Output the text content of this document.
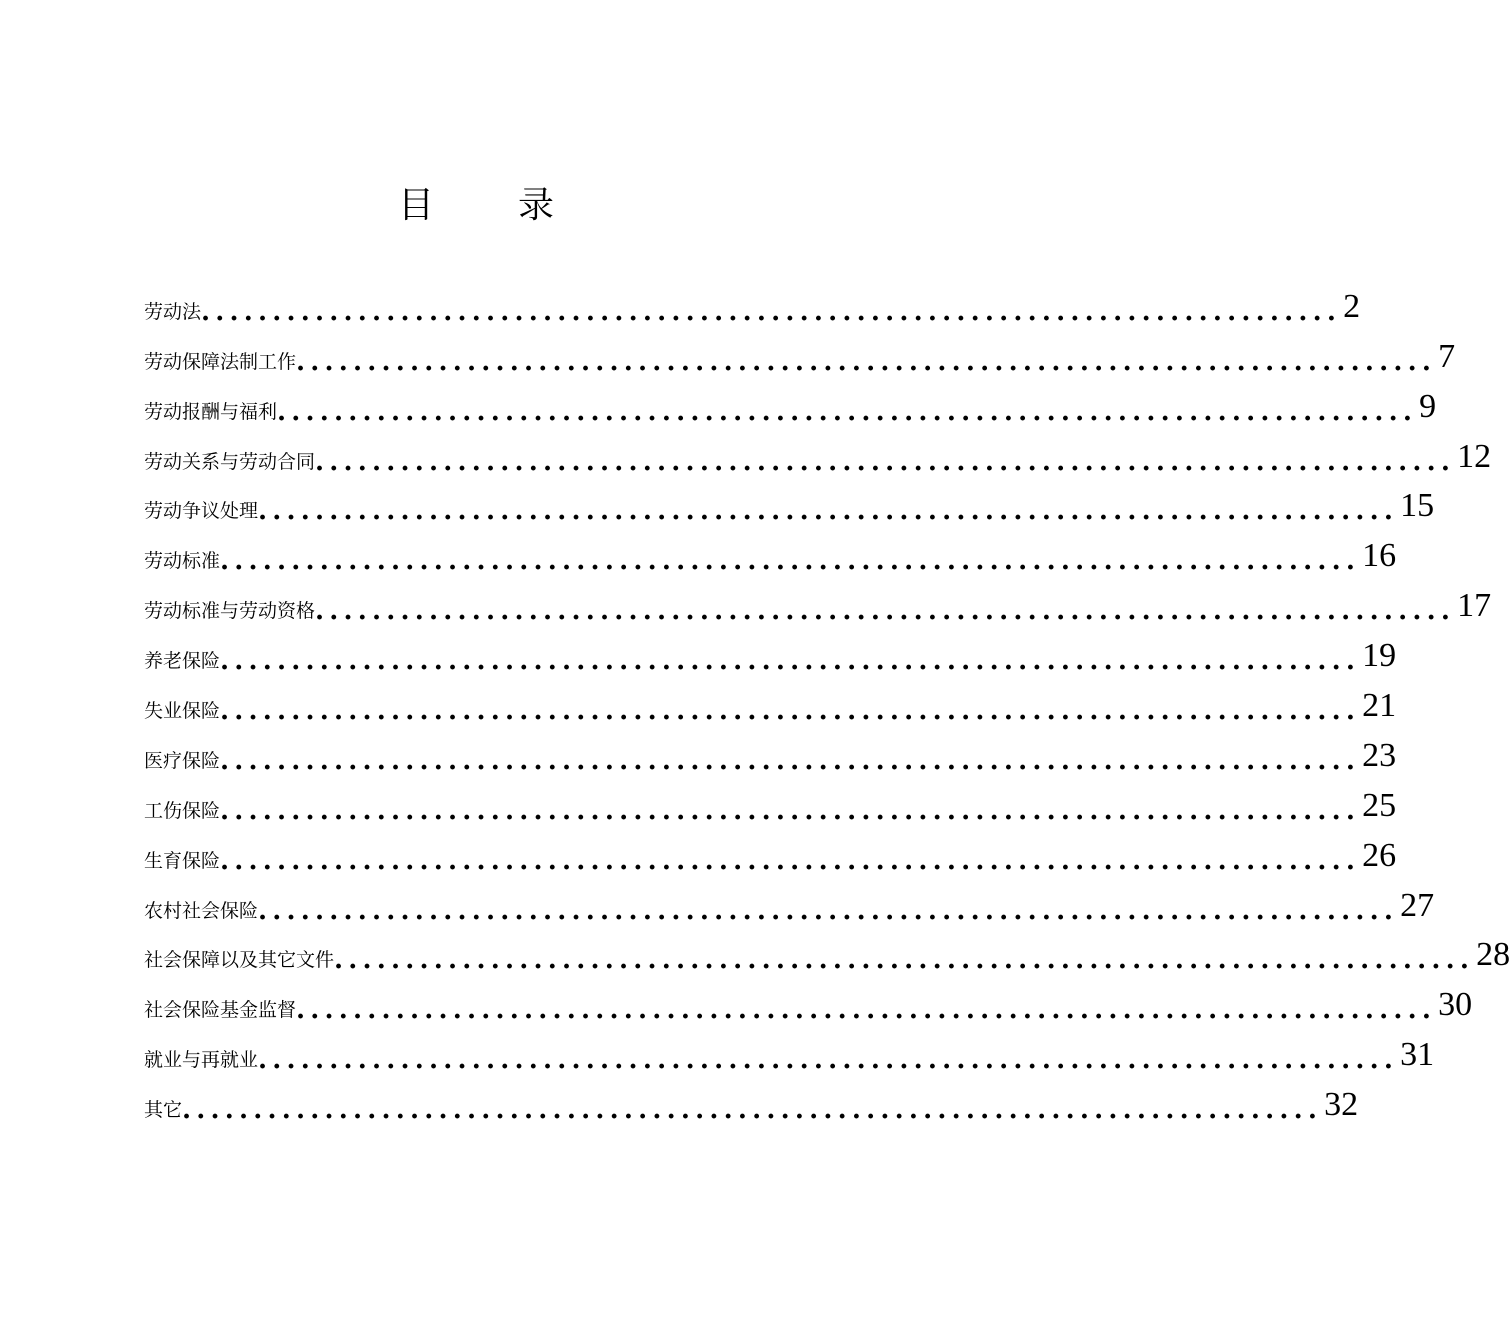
目 录
劳动法 ................................................................................ 2
劳动保障法制工作 ................................................................................ 7
劳动报酬与福利 ................................................................................ 9
劳动关系与劳动合同 ................................................................................ 12
劳动争议处理 ................................................................................ 15
劳动标准 ................................................................................ 16
劳动标准与劳动资格 ................................................................................ 17
养老保险 ................................................................................ 19
失业保险 ................................................................................ 21
医疗保险 ................................................................................ 23
工伤保险 ................................................................................ 25
生育保险 ................................................................................ 26
农村社会保险 ................................................................................ 27
社会保障以及其它文件 ................................................................................ 28
社会保险基金监督 ................................................................................ 30
就业与再就业 ................................................................................ 31
其它 ................................................................................ 32
